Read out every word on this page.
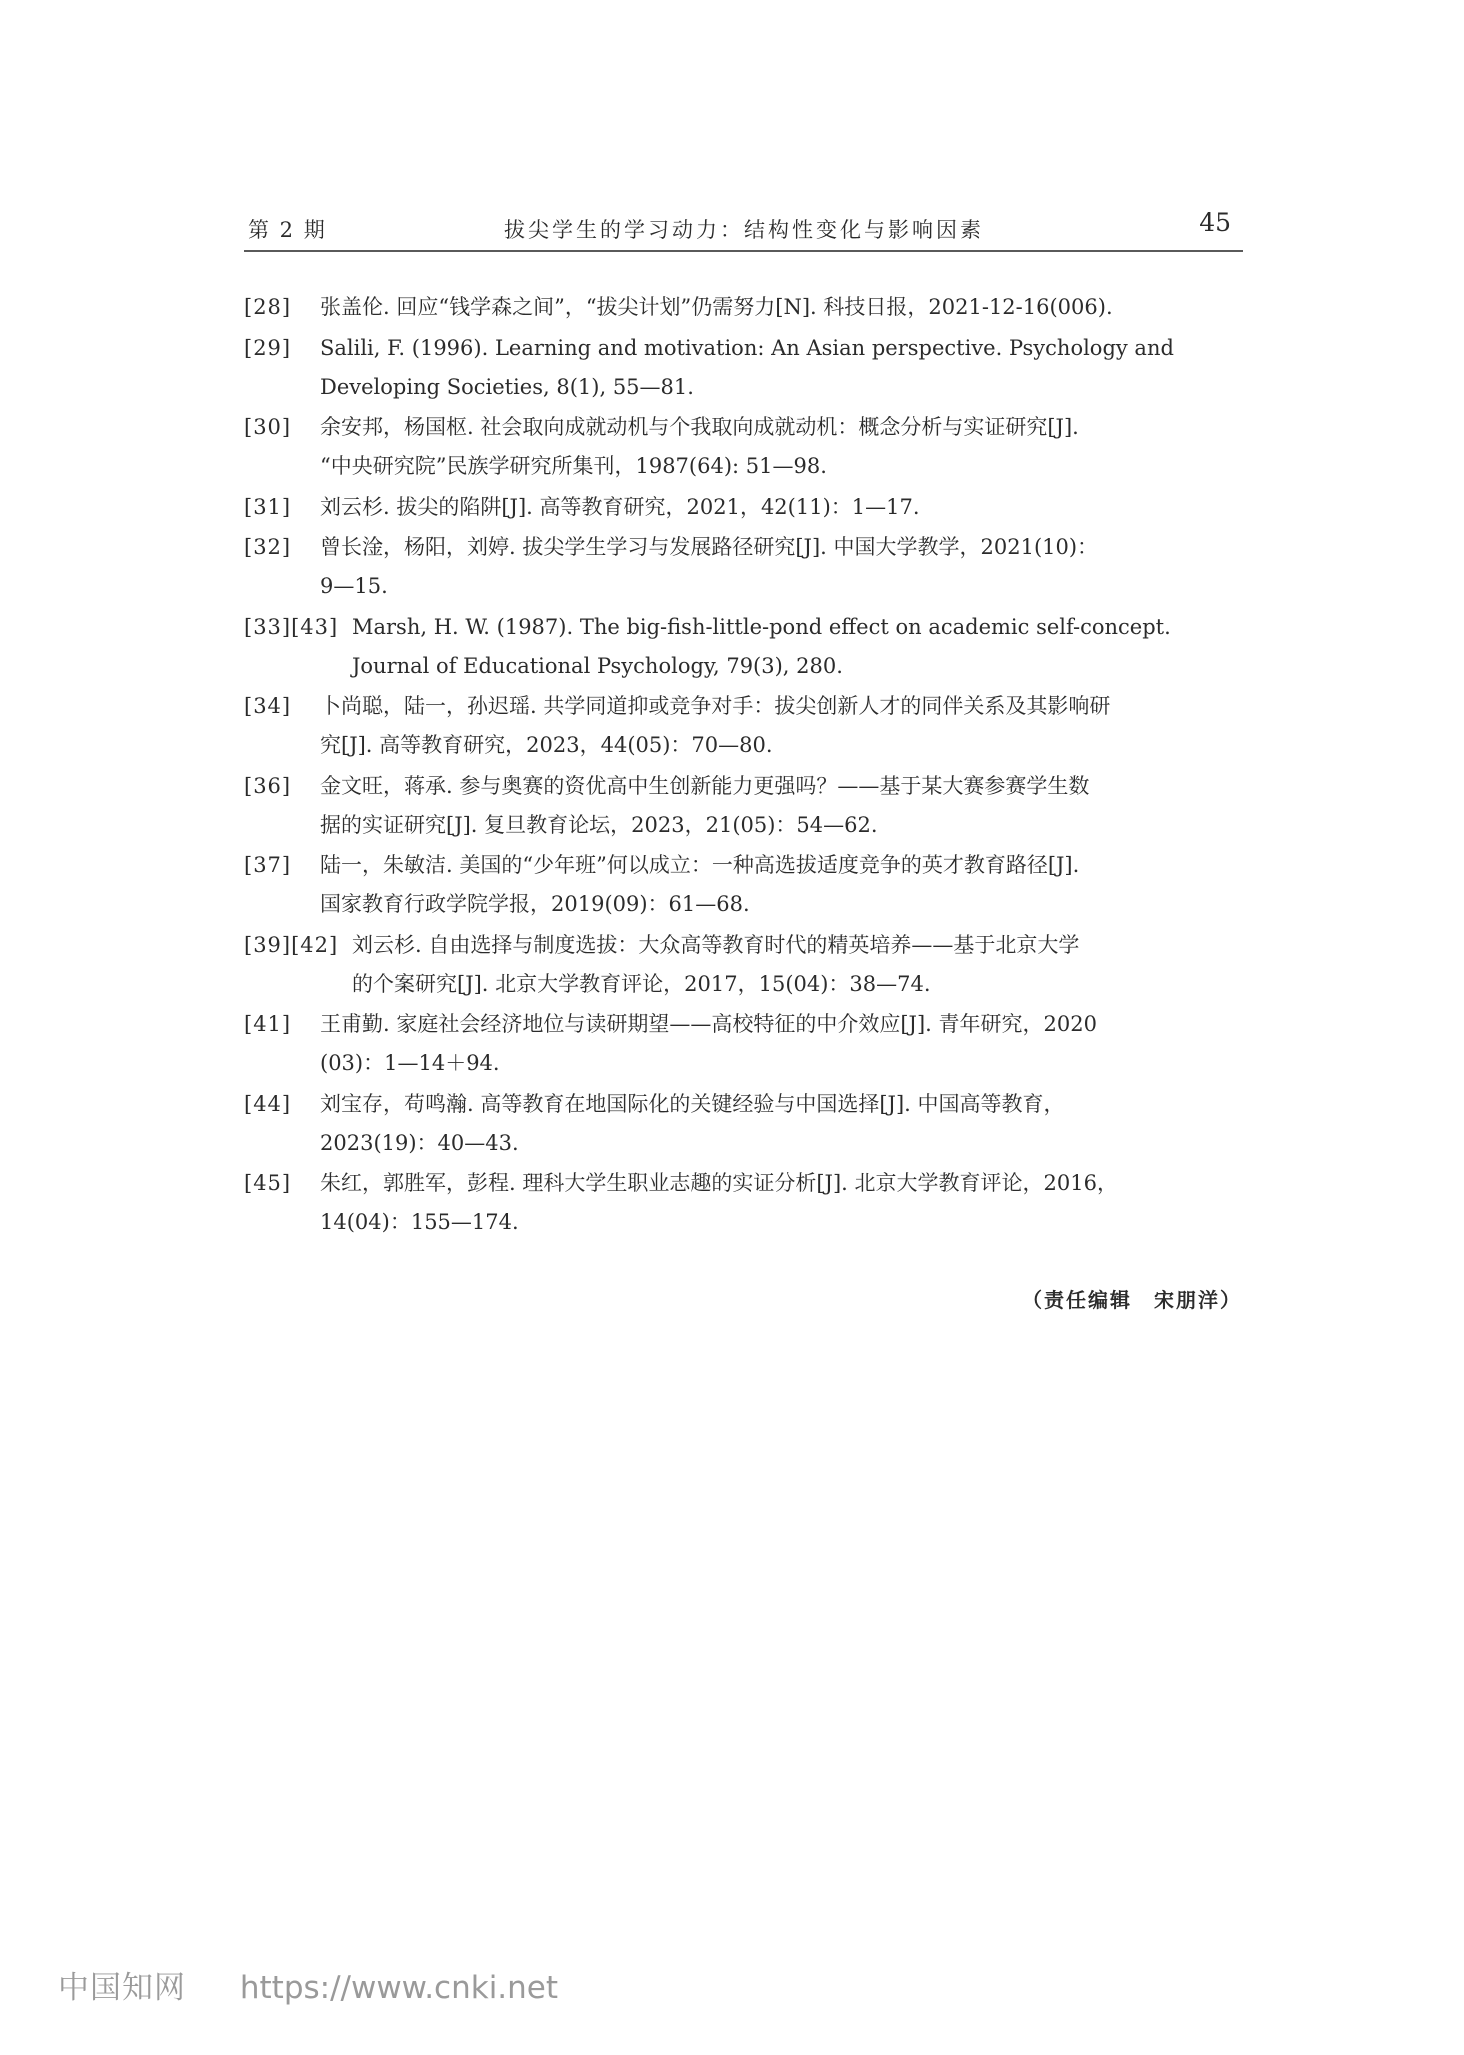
第 2 期	拔尖学生的学习动力：结构性变化与影响因素	45
[28]	张盖伦. 回应“钱学森之间”，“拔尖计划”仍需努力[N]. 科技日报，2021-12-16(006).
[29]	Salili, F. (1996). Learning and motivation: An Asian perspective. Psychology and
Developing Societies, 8(1), 55—81.
[30]	余安邦，杨国枢. 社会取向成就动机与个我取向成就动机：概念分析与实证研究[J].
“中央研究院”民族学研究所集刊，1987(64): 51—98.
[31]	刘云杉. 拔尖的陷阱[J]. 高等教育研究，2021，42(11)：1—17.
[32]	曾长淦，杨阳，刘婷. 拔尖学生学习与发展路径研究[J]. 中国大学教学，2021(10)：
9—15.
[33][43] Marsh, H. W. (1987). The big-fish-little-pond effect on academic self-concept.
Journal of Educational Psychology, 79(3), 280.
[34]	卜尚聪，陆一，孙迟瑶. 共学同道抑或竞争对手：拔尖创新人才的同伴关系及其影响研
究[J]. 高等教育研究，2023，44(05)：70—80.
[36]	金文旺，蒋承. 参与奥赛的资优高中生创新能力更强吗？——基于某大赛参赛学生数
据的实证研究[J]. 复旦教育论坛，2023，21(05)：54—62.
[37]	陆一，朱敏洁. 美国的“少年班”何以成立：一种高选拔适度竞争的英才教育路径[J].
国家教育行政学院学报，2019(09)：61—68.
[39][42] 刘云杉. 自由选择与制度选拔：大众高等教育时代的精英培养——基于北京大学
的个案研究[J]. 北京大学教育评论，2017，15(04)：38—74.
[41]	王甫勤. 家庭社会经济地位与读研期望——高校特征的中介效应[J]. 青年研究，2020
(03)：1—14＋94.
[44]	刘宝存，苟鸣瀚. 高等教育在地国际化的关键经验与中国选择[J]. 中国高等教育，
2023(19)：40—43.
[45]	朱红，郭胜军，彭程. 理科大学生职业志趣的实证分析[J]. 北京大学教育评论，2016，
14(04)：155—174.
（责任编辑　宋朋洋）
中国知网 https://www.cnki.net
